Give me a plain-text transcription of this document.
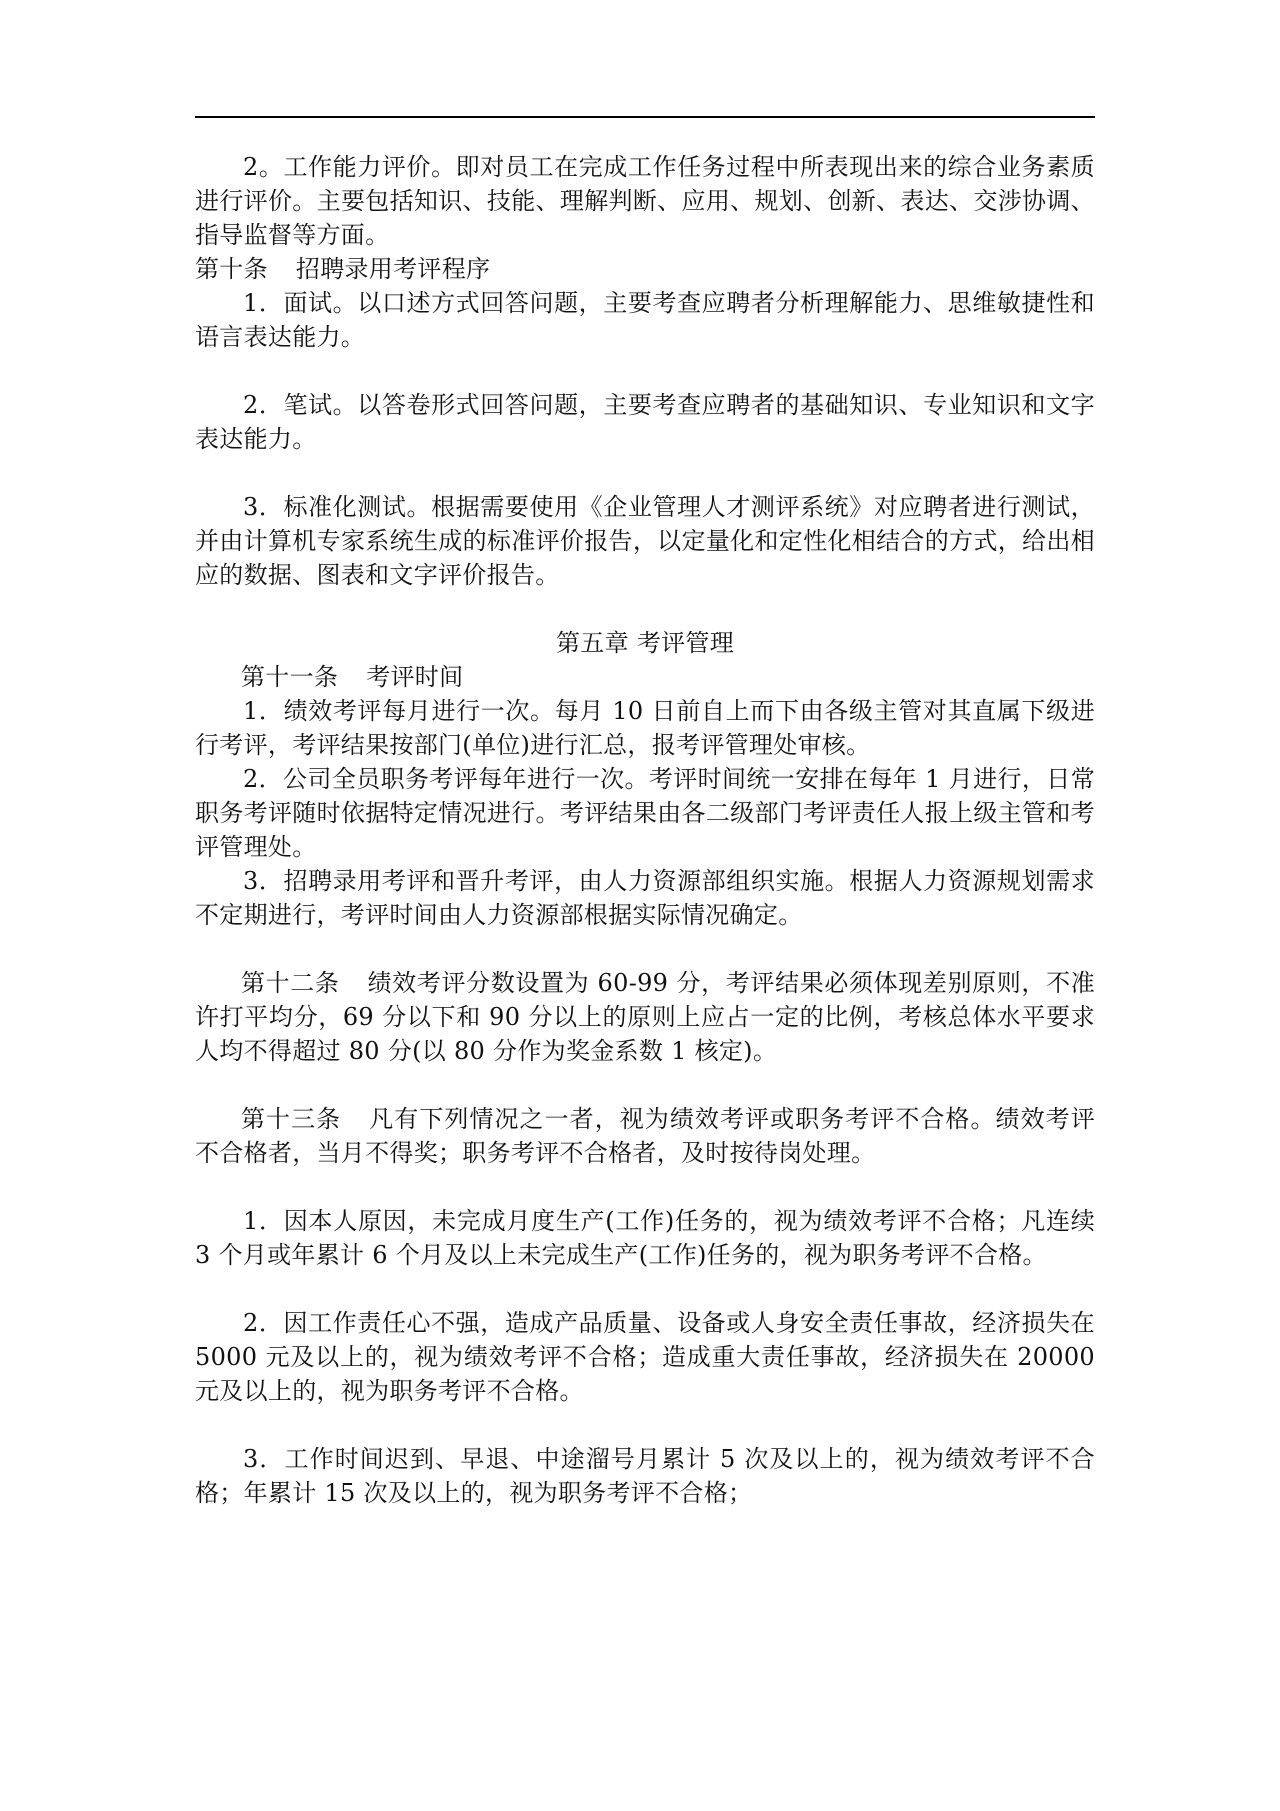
2。工作能力评价。即对员工在完成工作任务过程中所表现出来的综合业务素质进行评价。主要包括知识、技能、理解判断、应用、规划、创新、表达、交涉协调、指导监督等方面。

第十条 招聘录用考评程序

1．面试。以口述方式回答问题，主要考查应聘者分析理解能力、思维敏捷性和语言表达能力。

2．笔试。以答卷形式回答问题，主要考查应聘者的基础知识、专业知识和文字表达能力。

3．标准化测试。根据需要使用《企业管理人才测评系统》对应聘者进行测试，并由计算机专家系统生成的标准评价报告，以定量化和定性化相结合的方式，给出相应的数据、图表和文字评价报告。

第五章 考评管理

第十一条 考评时间

1．绩效考评每月进行一次。每月 10 日前自上而下由各级主管对其直属下级进行考评，考评结果按部门(单位)进行汇总，报考评管理处审核。

2．公司全员职务考评每年进行一次。考评时间统一安排在每年 1 月进行，日常职务考评随时依据特定情况进行。考评结果由各二级部门考评责任人报上级主管和考评管理处。

3．招聘录用考评和晋升考评，由人力资源部组织实施。根据人力资源规划需求不定期进行，考评时间由人力资源部根据实际情况确定。

第十二条 绩效考评分数设置为 60-99 分，考评结果必须体现差别原则，不准许打平均分，69 分以下和 90 分以上的原则上应占一定的比例，考核总体水平要求人均不得超过 80 分(以 80 分作为奖金系数 1 核定)。

第十三条 凡有下列情况之一者，视为绩效考评或职务考评不合格。绩效考评不合格者，当月不得奖；职务考评不合格者，及时按待岗处理。

1．因本人原因，未完成月度生产(工作)任务的，视为绩效考评不合格；凡连续 3 个月或年累计 6 个月及以上未完成生产(工作)任务的，视为职务考评不合格。

2．因工作责任心不强，造成产品质量、设备或人身安全责任事故，经济损失在 5000 元及以上的，视为绩效考评不合格；造成重大责任事故，经济损失在 20000 元及以上的，视为职务考评不合格。

3．工作时间迟到、早退、中途溜号月累计 5 次及以上的，视为绩效考评不合格；年累计 15 次及以上的，视为职务考评不合格；
